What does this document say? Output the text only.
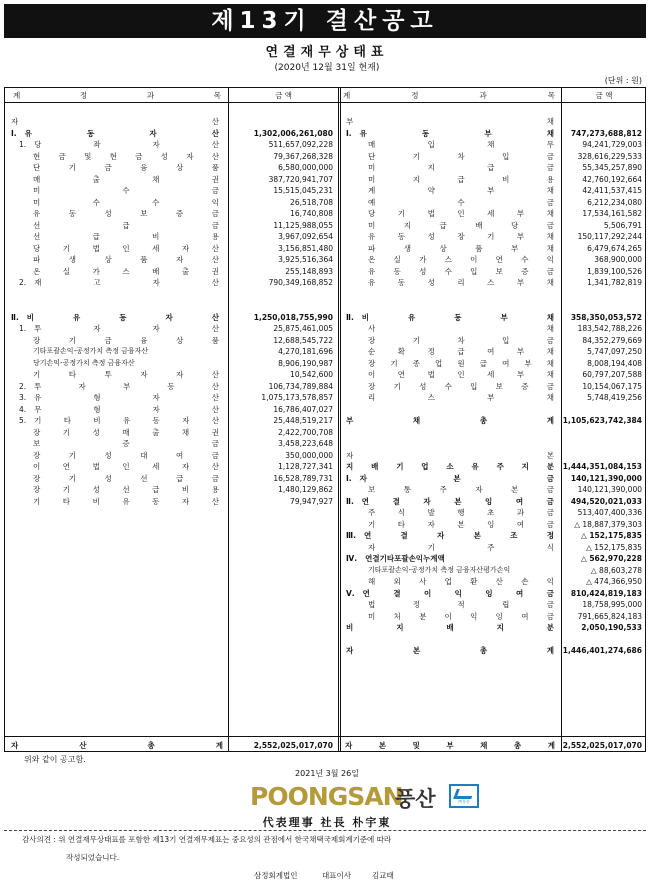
제13기 결산공고
연결재무상태표
(2020년 12월 31일 현재)
(단위 : 원)
계	정	과	목	금 액	계	정	과	목	금 액
자	산
Ⅰ. 유	동	자	산	1,302,006,261,080
1. 당	좌	자	산	511,657,092,228
현 금 및 현 금 성 자 산	79,367,268,328
단	기	금	융	상	품	6,580,000,000
매	출	채	권	387,720,941,707
미	수	금	15,515,045,231
미	수	수	익	26,518,708
유	동	성	보	증	금	16,740,808
선	급	금	11,125,988,055
선	급	비	용	3,967,092,654
당	기	법	인	세	자	산	3,156,851,480
파	생	상	품	자	산	3,925,516,364
온	실	가	스	배	출	권	255,148,893
2. 재	고	자	산	790,349,168,852
Ⅱ. 비	유	동	자	산	1,250,018,755,990
1. 투	자	자	산	25,875,461,005
장	기	금	융	상	품	12,688,545,722
기타포괄손익-공정가치 측정 금융자산	4,270,181,696
당기손익-공정가치 측정 금융자산	8,906,190,987
기	타	투	자	자	산	10,542,600
2. 투	자	부	동	산	106,734,789,884
3. 유	형	자	산	1,075,173,578,857
4. 무	형	자	산	16,786,407,027
5. 기	타	비	유	동	자	산	25,448,519,217
장	기	성	매	출	채	권	2,422,700,708
보	증	금	3,458,223,648
장	기	성	대	여	금	350,000,000
이	연	법	인	세	자	산	1,128,727,341
장	기	성	선	급	금	16,528,789,731
장	기	성	선	급	비	용	1,480,129,862
기	타	비	유	동	자	산	79,947,927
부	채
Ⅰ. 유	동	부	채	747,273,688,812
매	입	채	무	94,241,729,003
단	기	차	입	금	328,616,229,533
미	지	급	금	55,345,257,890
미	지	급	비	용	42,760,192,664
계	약	부	채	42,411,537,415
예	수	금	6,212,234,080
당	기	법	인	세	부	채	17,534,161,582
미	지	급	배	당	금	5,506,791
유	동	성	장	기	부	채	150,117,292,244
파	생	상	품	부	채	6,479,674,265
온 실 가 스 이 연 수 익	368,900,000
유 동 성 수 입 보 증 금	1,839,100,526
유	동	성	리	스	부	채	1,341,782,819
Ⅱ. 비	유	동	부	채	358,350,053,572
사	채	183,542,788,226
장	기	차	입	금	84,352,279,669
순	확	정	급	여	부	채	5,747,097,250
장 기 종 업 원 급 여 부 채	8,008,194,408
이	연	법	인	세	부	채	60,797,207,588
장 기 성 수 입 보 증 금	10,154,067,175
리	스	부	채	5,748,419,256
부	채	총	계 1,105,623,742,384
자	본
지 배 기 업 소 유 주 지 분 1,444,351,084,153
Ⅰ. 자	본	금	140,121,390,000
보	통	주	자	본	금	140,121,390,000
Ⅱ. 연	결	자	본	잉	여	금	494,520,021,033
주	식	발	행	초	과	금	513,407,400,336
기	타	자	본	잉	여	금	△ 18,887,379,303
Ⅲ. 연	결	자	본	조	정	△ 152,175,835
자	기	주	식	△ 152,175,835
Ⅳ. 연결기타포괄손익누계액	△ 562,970,228
기타포괄손익-공정가치 측정 금융자산평가손익	△ 88,603,278
해 외 사 업 환 산 손 익	△ 474,366,950
Ⅴ. 연	결	이	익	잉	여	금	810,424,819,183
법	정	적	립	금	18,758,995,000
미 처 분 이 익 잉 여 금	791,665,824,183
비	지	배	지	분	2,050,190,533
자	본	총	계 1,446,401,274,686
자	산	총	계	2,552,025,017,070 자	본	및	부	채	총	계 2,552,025,017,070
위와 같이 공고함.
2021년 3월 26일
POONGSAN
풍산	㈜풍산
代表理事 社長 朴宇東
감사의견 : 위 연결재무상태표를 포함한 제13기 연결재무제표는 중요성의 관점에서 한국채택국제회계기준에 따라
작성되었습니다.
삼정회계법인	대표이사	김교태
